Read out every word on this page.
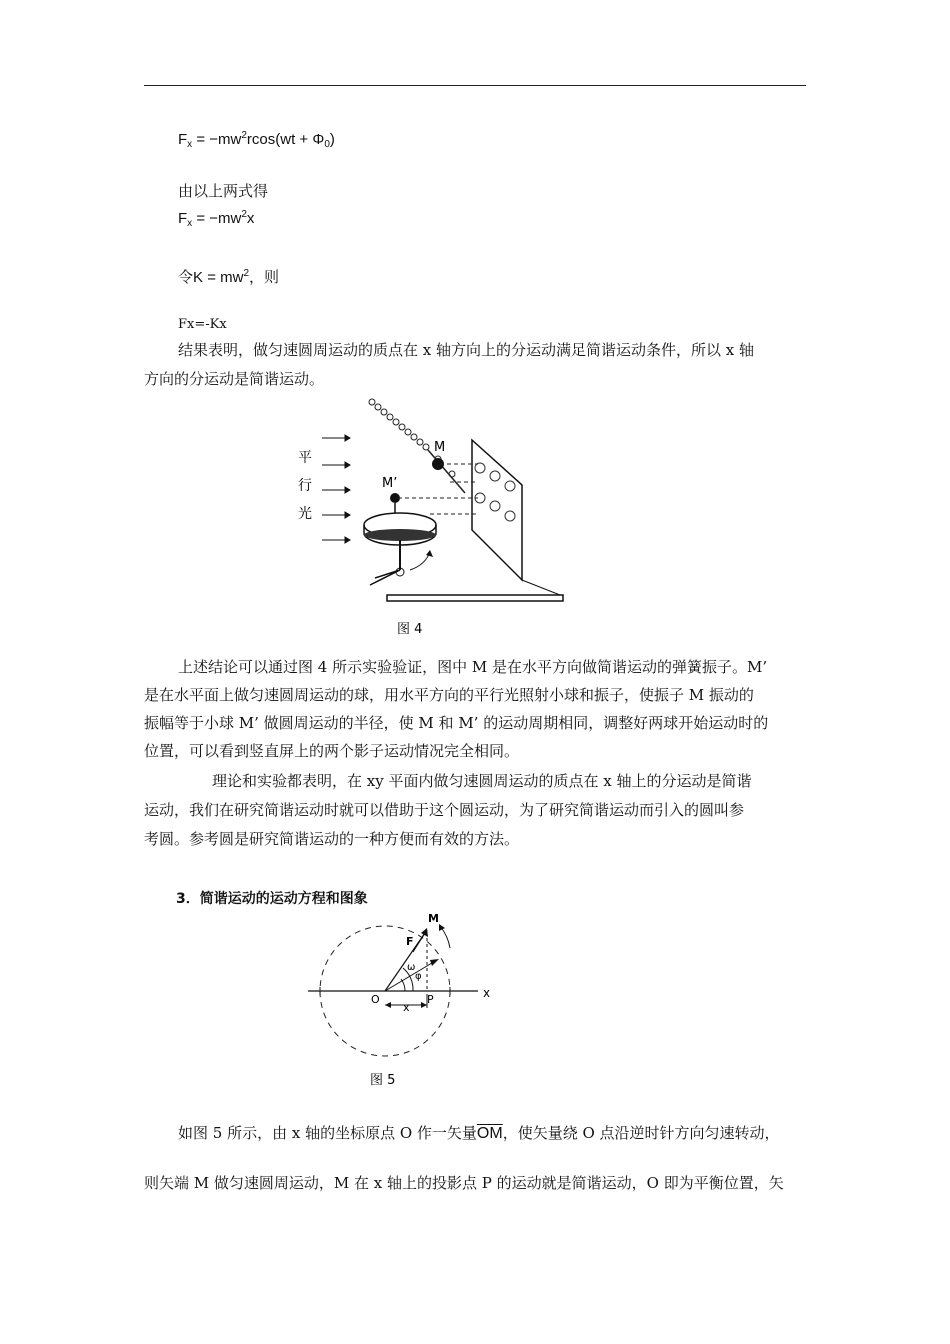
$F_x = -mw^2rcos(wt + \Phi_0)$
由以上两式得
$F_x = -mw^2x$
令$K = mw^2$，则
Fx=-Kx
结果表明，做匀速圆周运动的质点在 x 轴方向上的分运动满足简谐运动条件，所以 x 轴
方向的分运动是简谐运动。
M
M’
平
行
光
图 4
上述结论可以通过图 4 所示实验验证，图中 M 是在水平方向做简谐运动的弹簧振子。M’
是在水平面上做匀速圆周运动的球，用水平方向的平行光照射小球和振子，使振子 M 振动的
振幅等于小球 M’ 做圆周运动的半径，使 M 和 M’ 的运动周期相同，调整好两球开始运动时的
位置，可以看到竖直屏上的两个影子运动情况完全相同。
理论和实验都表明，在 xy 平面内做匀速圆周运动的质点在 x 轴上的分运动是简谐
运动，我们在研究简谐运动时就可以借助于这个圆运动，为了研究简谐运动而引入的圆叫参
考圆。参考圆是研究简谐运动的一种方便而有效的方法。
3．简谐运动的运动方程和图象
M
F
ω
φ
O	P	x
x
图 5
如图 5 所示，由 x 轴的坐标原点 O 作一矢量$\overline{OM}$，使矢量绕 O 点沿逆时针方向匀速转动，
则矢端 M 做匀速圆周运动，M 在 x 轴上的投影点 P 的运动就是简谐运动，O 即为平衡位置，矢
